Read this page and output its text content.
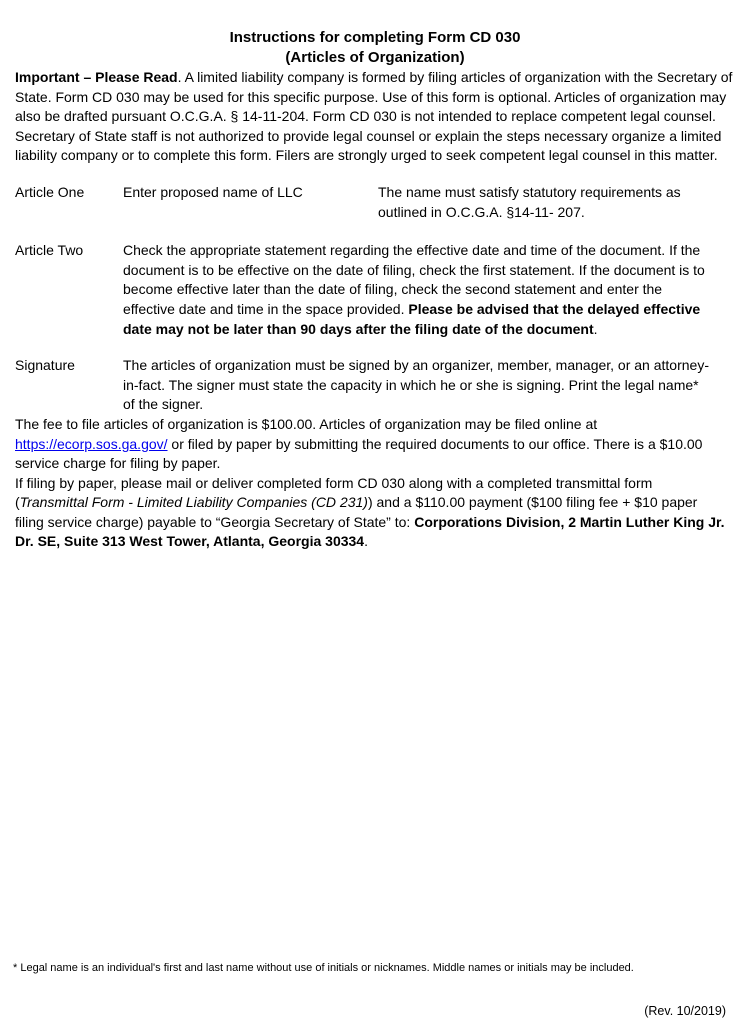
Instructions for completing Form CD 030
(Articles of Organization)

Important – Please Read. A limited liability company is formed by filing articles of organization with the Secretary of State. Form CD 030 may be used for this specific purpose. Use of this form is optional. Articles of organization may also be drafted pursuant O.C.G.A. § 14-11-204. Form CD 030 is not intended to replace competent legal counsel. Secretary of State staff is not authorized to provide legal counsel or explain the steps necessary organize a limited liability company or to complete this form. Filers are strongly urged to seek competent legal counsel in this matter.

Article One	Enter proposed name of LLC	The name must satisfy statutory requirements as outlined in O.C.G.A. §14-11- 207.
Article Two	Check the appropriate statement regarding the effective date and time of the document. If the document is to be effective on the date of filing, check the first statement. If the document is to become effective later than the date of filing, check the second statement and enter the effective date and time in the space provided. Please be advised that the delayed effective date may not be later than 90 days after the filing date of the document.
Signature	The articles of organization must be signed by an organizer, member, manager, or an attorney-in-fact. The signer must state the capacity in which he or she is signing. Print the legal name* of the signer.

The fee to file articles of organization is $100.00. Articles of organization may be filed online at https://ecorp.sos.ga.gov/ or filed by paper by submitting the required documents to our office. There is a $10.00 service charge for filing by paper.

If filing by paper, please mail or deliver completed form CD 030 along with a completed transmittal form (Transmittal Form - Limited Liability Companies (CD 231)) and a $110.00 payment ($100 filing fee + $10 paper filing service charge) payable to “Georgia Secretary of State” to: Corporations Division, 2 Martin Luther King Jr. Dr. SE, Suite 313 West Tower, Atlanta, Georgia 30334.

* Legal name is an individual's first and last name without use of initials or nicknames. Middle names or initials may be included.
(Rev. 10/2019)
